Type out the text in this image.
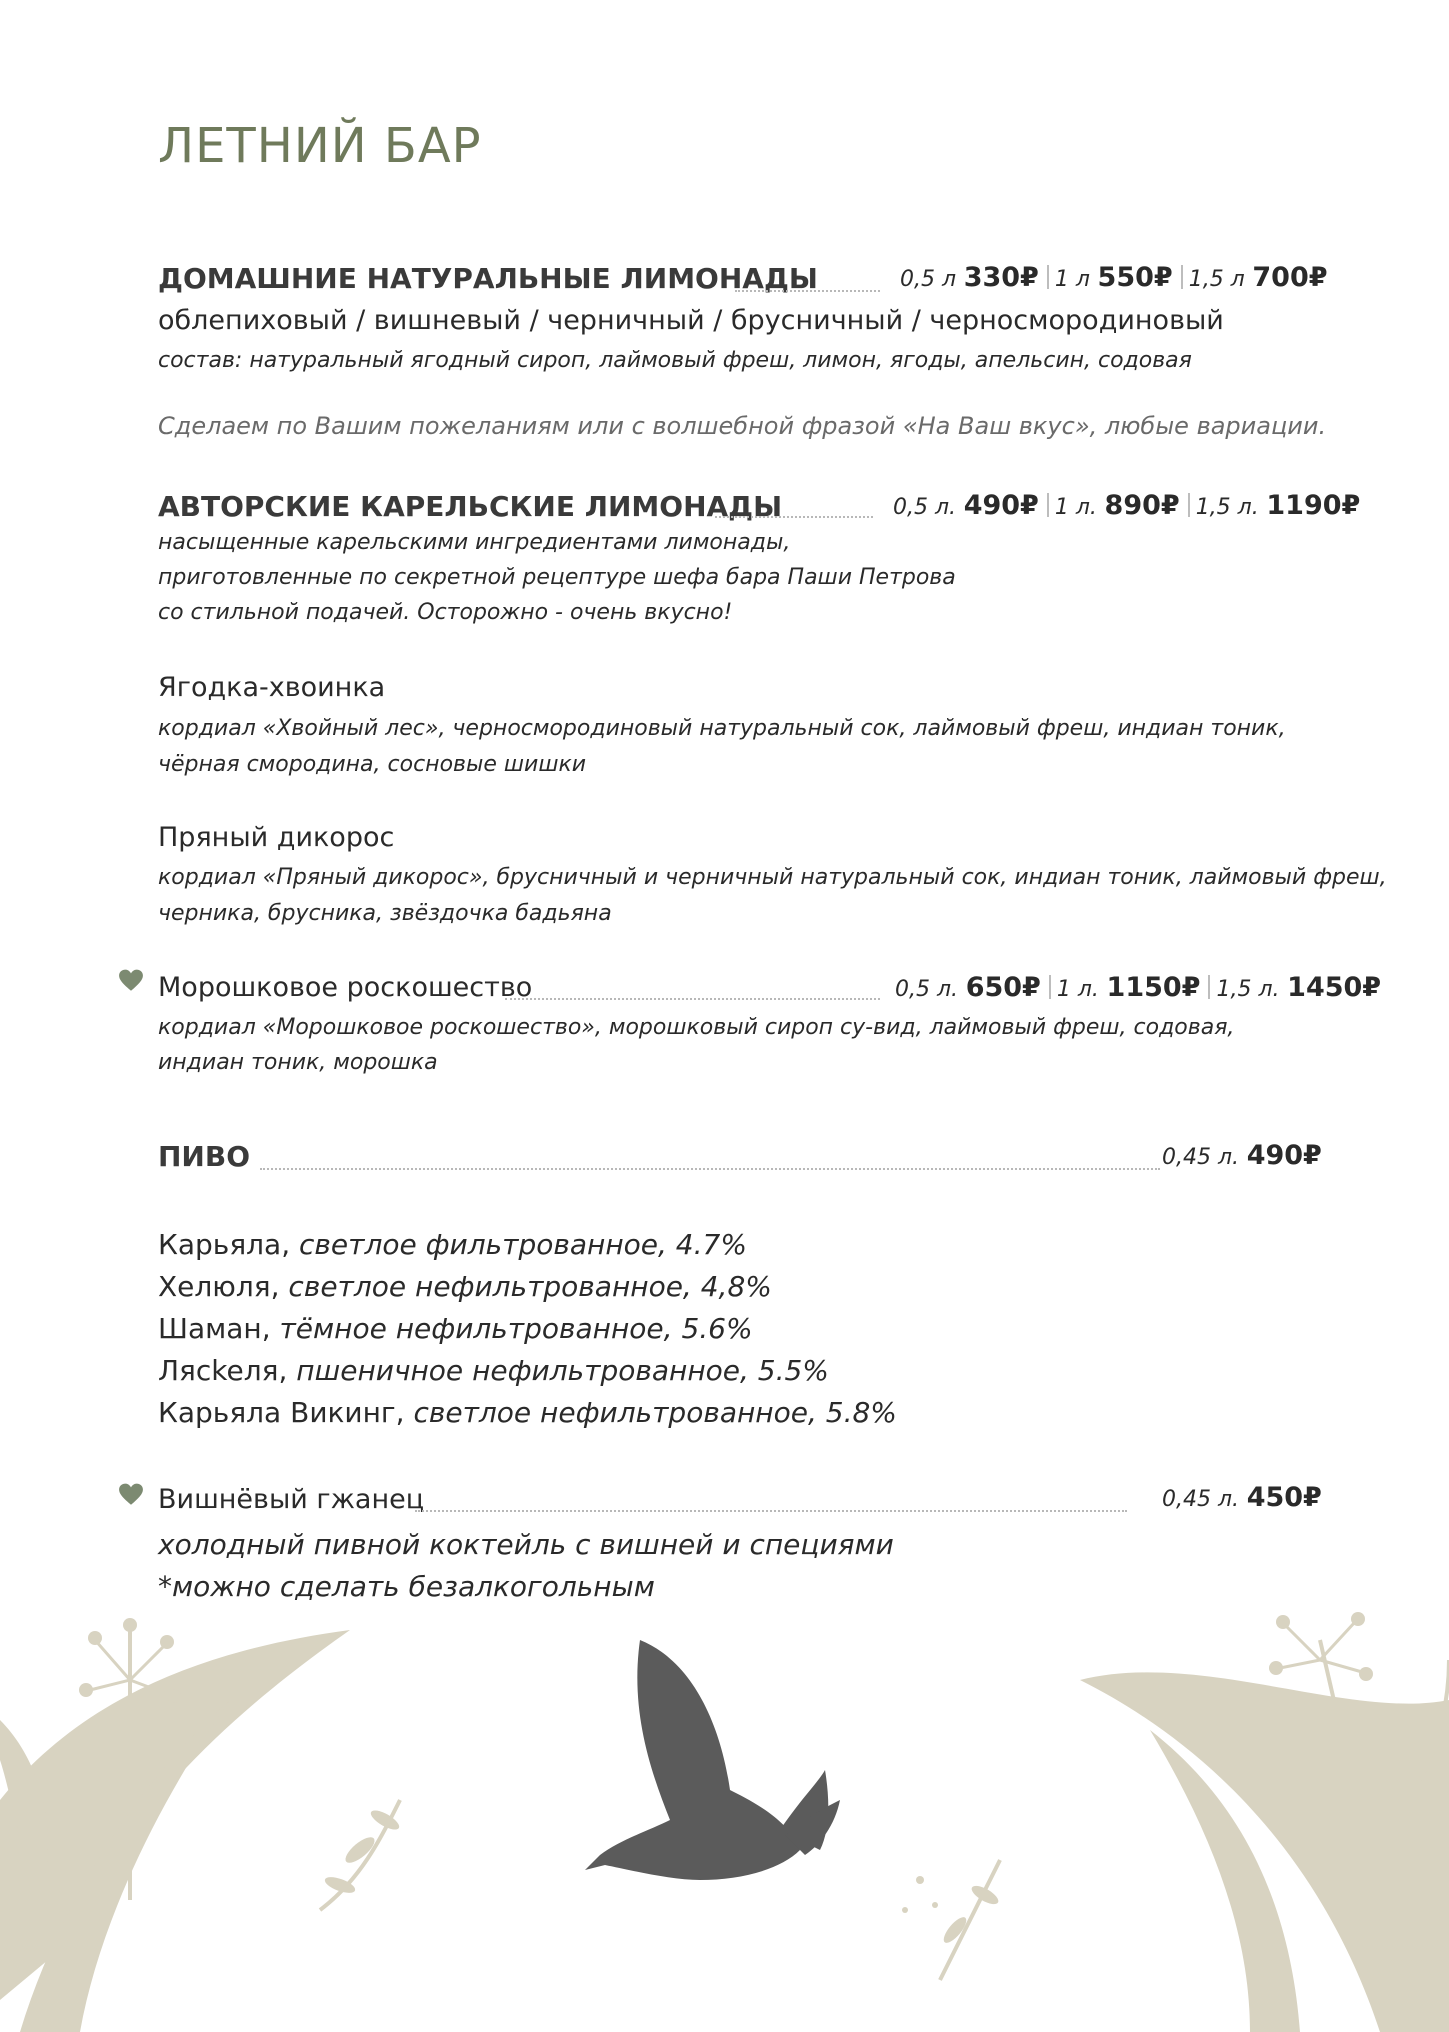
ЛЕТНИЙ БАР
ДОМАШНИЕ НАТУРАЛЬНЫЕ ЛИМОНАДЫ	0,5 л 330₽ 1 л 550₽ 1,5 л 700₽
облепиховый / вишневый / черничный / брусничный / черносмородиновый
состав: натуральный ягодный сироп, лаймовый фреш, лимон, ягоды, апельсин, содовая
Сделаем по Вашим пожеланиям или с волшебной фразой «На Ваш вкус», любые вариации.
АВТОРСКИЕ КАРЕЛЬСКИЕ ЛИМОНАДЫ	0,5 л. 490₽ 1 л. 890₽ 1,5 л. 1190₽
насыщенные карельскими ингредиентами лимонады,
приготовленные по секретной рецептуре шефа бара Паши Петрова
со стильной подачей. Осторожно - очень вкусно!
Ягодка-хвоинка
кордиал «Хвойный лес», черносмородиновый натуральный сок, лаймовый фреш, индиан тоник,
чёрная смородина, сосновые шишки
Пряный дикорос
кордиал «Пряный дикорос», брусничный и черничный натуральный сок, индиан тоник, лаймовый фреш,
черника, брусника, звёздочка бадьяна
Морошковое роскошество	0,5 л. 650₽ 1 л. 1150₽ 1,5 л. 1450₽
кордиал «Морошковое роскошество», морошковый сироп су-вид, лаймовый фреш, содовая,
индиан тоник, морошка
ПИВО	0,45 л. 490₽
Карьяла, светлое фильтрованное, 4.7%
Хелюля, светлое нефильтрованное, 4,8%
Шаман, тёмное нефильтрованное, 5.6%
Лясkeля, пшеничное нефильтрованное, 5.5%
Карьяла Викинг, светлое нефильтрованное, 5.8%
Вишнёвый гжанец	0,45 л. 450₽
холодный пивной коктейль с вишней и специями
*можно сделать безалкогольным
